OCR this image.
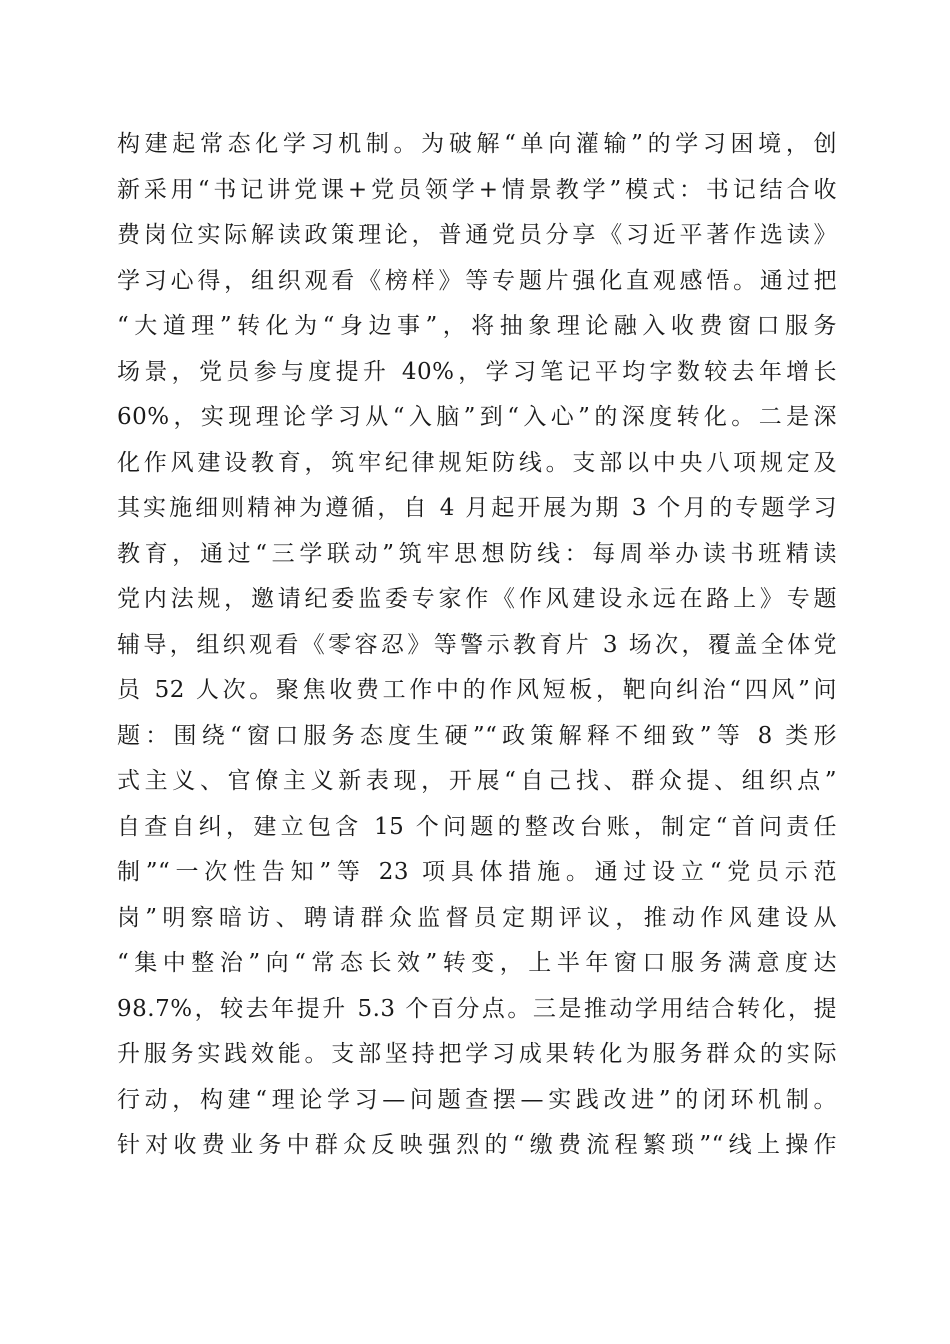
构建起常态化学习机制。为破解“单向灌输”的学习困境，创
新采用“书记讲党课+党员领学+情景教学”模式：书记结合收
费岗位实际解读政策理论，普通党员分享《习近平著作选读》
学习心得，组织观看《榜样》等专题片强化直观感悟。通过把
“大道理”转化为“身边事”，将抽象理论融入收费窗口服务
场景，党员参与度提升 40%，学习笔记平均字数较去年增长
60%，实现理论学习从“入脑”到“入心”的深度转化。二是深
化作风建设教育，筑牢纪律规矩防线。支部以中央八项规定及
其实施细则精神为遵循，自 4 月起开展为期 3 个月的专题学习
教育，通过“三学联动”筑牢思想防线：每周举办读书班精读
党内法规，邀请纪委监委专家作《作风建设永远在路上》专题
辅导，组织观看《零容忍》等警示教育片 3 场次，覆盖全体党
员 52 人次。聚焦收费工作中的作风短板，靶向纠治“四风”问
题：围绕“窗口服务态度生硬”“政策解释不细致”等 8 类形
式主义、官僚主义新表现，开展“自己找、群众提、组织点”
自查自纠，建立包含 15 个问题的整改台账，制定“首问责任
制”“一次性告知”等 23 项具体措施。通过设立“党员示范
岗”明察暗访、聘请群众监督员定期评议，推动作风建设从
“集中整治”向“常态长效”转变，上半年窗口服务满意度达
98.7%，较去年提升 5.3 个百分点。三是推动学用结合转化，提
升服务实践效能。支部坚持把学习成果转化为服务群众的实际
行动，构建“理论学习—问题查摆—实践改进”的闭环机制。
针对收费业务中群众反映强烈的“缴费流程繁琐”“线上操作
